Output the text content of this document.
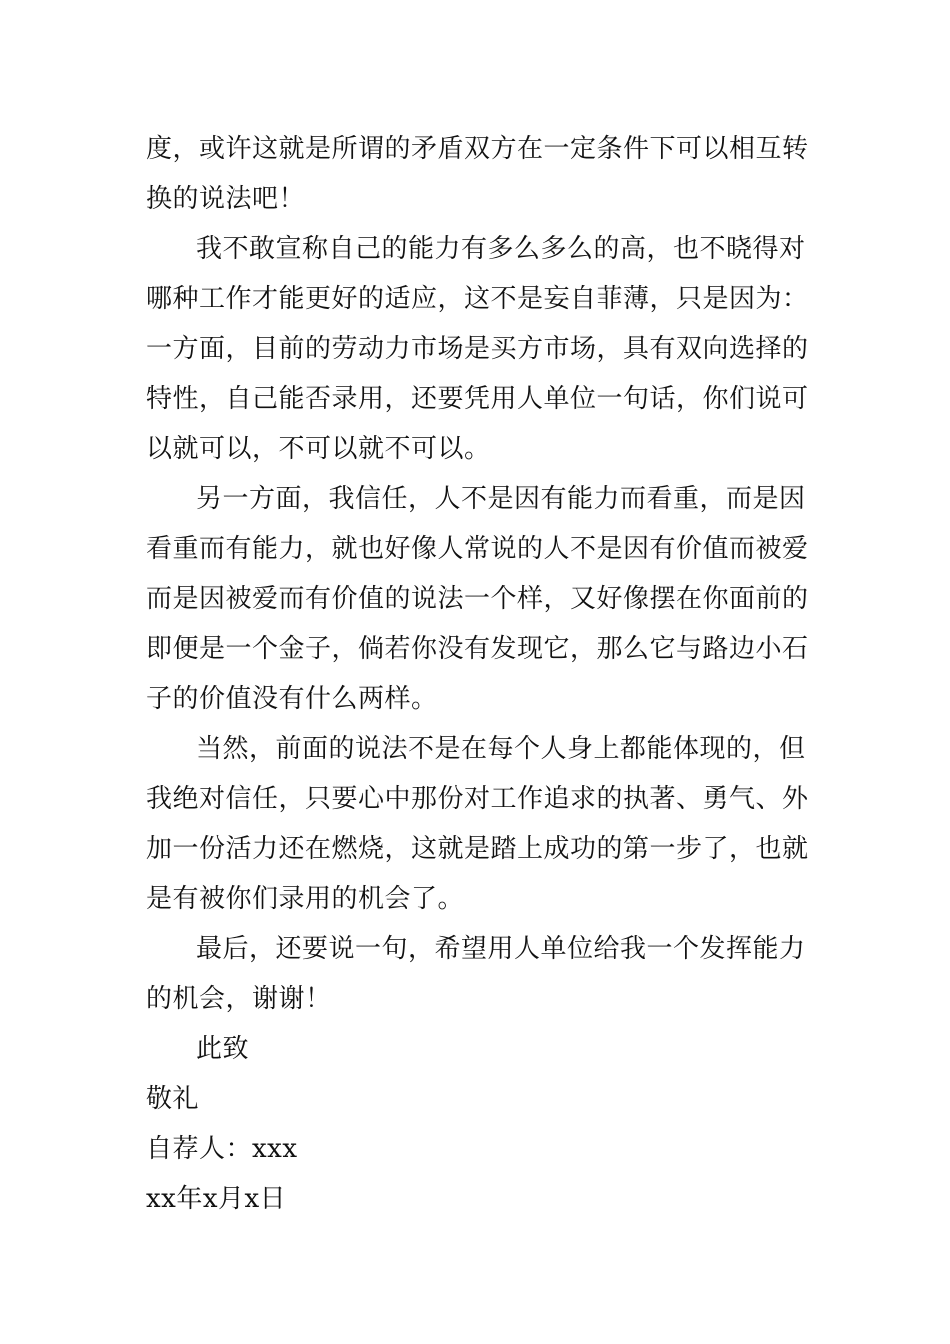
度，或许这就是所谓的矛盾双方在一定条件下可以相互转
换的说法吧！
我不敢宣称自己的能力有多么多么的高，也不晓得对
哪种工作才能更好的适应，这不是妄自菲薄，只是因为：
一方面，目前的劳动力市场是买方市场，具有双向选择的
特性，自己能否录用，还要凭用人单位一句话，你们说可
以就可以，不可以就不可以。
另一方面，我信任，人不是因有能力而看重，而是因
看重而有能力，就也好像人常说的人不是因有价值而被爱
而是因被爱而有价值的说法一个样，又好像摆在你面前的
即便是一个金子，倘若你没有发现它，那么它与路边小石
子的价值没有什么两样。
当然，前面的说法不是在每个人身上都能体现的，但
我绝对信任，只要心中那份对工作追求的执著、勇气、外
加一份活力还在燃烧，这就是踏上成功的第一步了，也就
是有被你们录用的机会了。
最后，还要说一句，希望用人单位给我一个发挥能力
的机会，谢谢！
此致
敬礼
自荐人：xxx
xx年x月x日
